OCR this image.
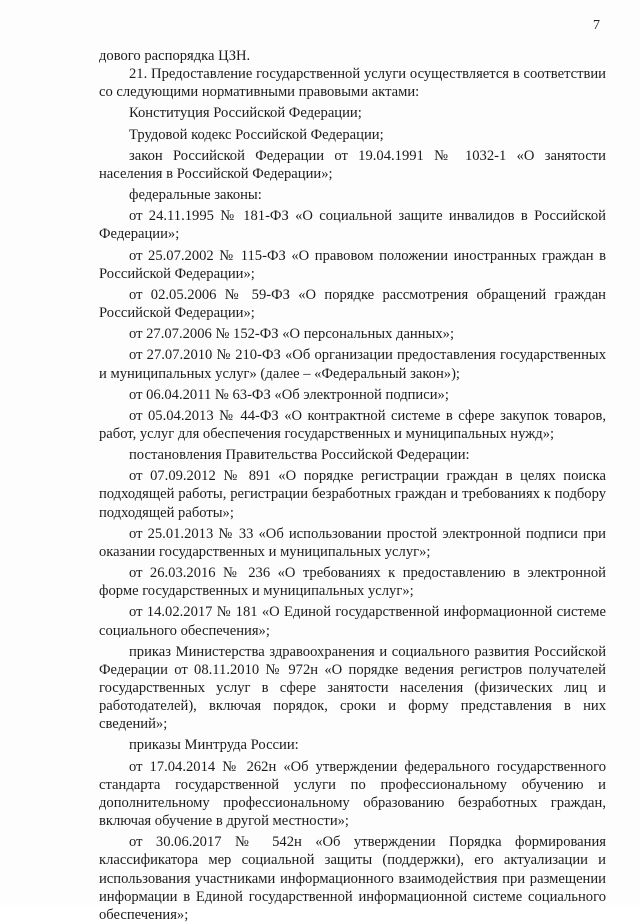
7

дового распорядка ЦЗН.

21. Предоставление государственной услуги осуществляется в соответствии со следующими нормативными правовыми актами:

Конституция Российской Федерации;

Трудовой кодекс Российской Федерации;

закон Российской Федерации от 19.04.1991 № 1032-1 «О занятости населения в Российской Федерации»;

федеральные законы:

от 24.11.1995 № 181-ФЗ «О социальной защите инвалидов в Российской Федерации»;

от 25.07.2002 № 115-ФЗ «О правовом положении иностранных граждан в Российской Федерации»;

от 02.05.2006 № 59-ФЗ «О порядке рассмотрения обращений граждан Российской Федерации»;

от 27.07.2006 № 152-ФЗ «О персональных данных»;

от 27.07.2010 № 210-ФЗ «Об организации предоставления государственных и муниципальных услуг» (далее – «Федеральный закон»);

от 06.04.2011 № 63-ФЗ «Об электронной подписи»;

от 05.04.2013 № 44-ФЗ «О контрактной системе в сфере закупок товаров, работ, услуг для обеспечения государственных и муниципальных нужд»;

постановления Правительства Российской Федерации:

от 07.09.2012 № 891 «О порядке регистрации граждан в целях поиска подходящей работы, регистрации безработных граждан и требованиях к подбору подходящей работы»;

от 25.01.2013 № 33 «Об использовании простой электронной подписи при оказании государственных и муниципальных услуг»;

от 26.03.2016 № 236 «О требованиях к предоставлению в электронной форме государственных и муниципальных услуг»;

от 14.02.2017 № 181 «О Единой государственной информационной системе социального обеспечения»;

приказ Министерства здравоохранения и социального развития Российской Федерации от 08.11.2010 № 972н «О порядке ведения регистров получателей государственных услуг в сфере занятости населения (физических лиц и работодателей), включая порядок, сроки и форму представления в них сведений»;

приказы Минтруда России:

от 17.04.2014 № 262н «Об утверждении федерального государственного стандарта государственной услуги по профессиональному обучению и дополнительному профессиональному образованию безработных граждан, включая обучение в другой местности»;

от 30.06.2017 № 542н «Об утверждении Порядка формирования классификатора мер социальной защиты (поддержки), его актуализации и использования участниками информационного взаимодействия при размещении информации в Единой государственной информационной системе социального обеспечения»;
